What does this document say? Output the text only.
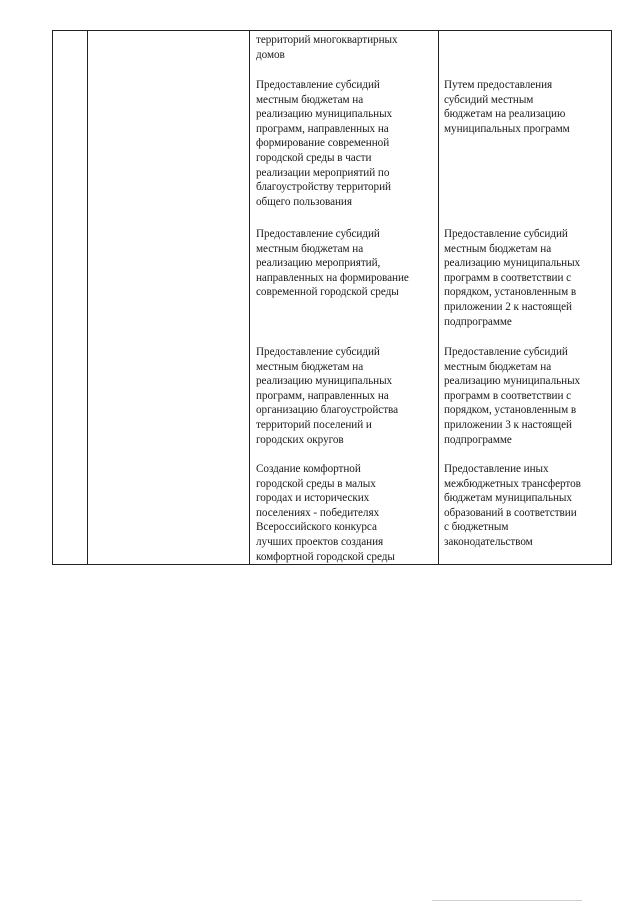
территорий многоквартирных
домов
Предоставление субсидий
местным бюджетам на
реализацию муниципальных
программ, направленных на
формирование современной
городской среды в части
реализации мероприятий по
благоустройству территорий
общего пользования
Путем предоставления
субсидий местным
бюджетам на реализацию
муниципальных программ
Предоставление субсидий
местным бюджетам на
реализацию мероприятий,
направленных на формирование
современной городской среды
Предоставление субсидий
местным бюджетам на
реализацию муниципальных
программ в соответствии с
порядком, установленным в
приложении 2 к настоящей
подпрограмме
Предоставление субсидий
местным бюджетам на
реализацию муниципальных
программ, направленных на
организацию благоустройства
территорий поселений и
городских округов
Предоставление субсидий
местным бюджетам на
реализацию муниципальных
программ в соответствии с
порядком, установленным в
приложении 3 к настоящей
подпрограмме
Создание комфортной
городской среды в малых
городах и исторических
поселениях - победителях
Всероссийского конкурса
лучших проектов создания
комфортной городской среды
Предоставление иных
межбюджетных трансфертов
бюджетам муниципальных
образований в соответствии
с бюджетным
законодательством
